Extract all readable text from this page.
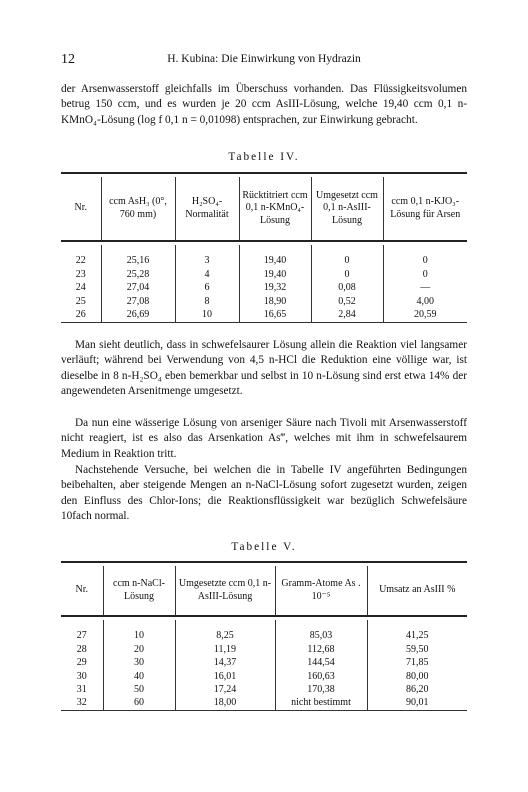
12	H. Kubina: Die Einwirkung von Hydrazin
der Arsenwasserstoff gleichfalls im Überschuss vorhanden. Das Flüssigkeitsvolumen betrug 150 ccm, und es wurden je 20 ccm AsIII-Lösung, welche 19,40 ccm 0,1 n-KMnO₄-Lösung (log f 0,1 n = 0,01098) entsprachen, zur Einwirkung gebracht.
Tabelle IV.

Nr.	ccm AsH₃ (0°, 760 mm)	H₂SO₄-Normalität	Rücktitriert ccm 0,1 n-KMnO₄-Lösung	Umgesetzt ccm 0,1 n-AsIII-Lösung	ccm 0,1 n-KJO₃-Lösung für Arsen

22	25,16	3	19,40	0	0
23	25,28	4	19,40	0	0
24	27,04	6	19,32	0,08	—
25	27,08	8	18,90	0,52	4,00
26	26,69	10	16,65	2,84	20,59
Man sieht deutlich, dass in schwefelsaurer Lösung allein die Reaktion viel langsamer verläuft; während bei Verwendung von 4,5 n-HCl die Reduktion eine völlige war, ist dieselbe in 8 n-H₂SO₄ eben bemerkbar und selbst in 10 n-Lösung sind erst etwa 14% der angewendeten Arsenitmenge umgesetzt.
Da nun eine wässerige Lösung von arseniger Säure nach Tivoli mit Arsenwasserstoff nicht reagiert, ist es also das Arsenkation As‴, welches mit ihm in schwefelsaurem Medium in Reaktion tritt.
Nachstehende Versuche, bei welchen die in Tabelle IV angeführten Bedingungen beibehalten, aber steigende Mengen an n-NaCl-Lösung sofort zugesetzt wurden, zeigen den Einfluss des Chlor-Ions; die Reaktionsflüssigkeit war bezüglich Schwefelsäure 10fach normal.
Tabelle V.

Nr.	ccm n-NaCl-Lösung	Umgesetzte ccm 0,1 n-AsIII-Lösung	Gramm-Atome As . 10⁻⁵	Umsatz an AsIII %

27	10	8,25	85,03	41,25
28	20	11,19	112,68	59,50
29	30	14,37	144,54	71,85
30	40	16,01	160,63	80,00
31	50	17,24	170,38	86,20
32	60	18,00	nicht bestimmt	90,01
